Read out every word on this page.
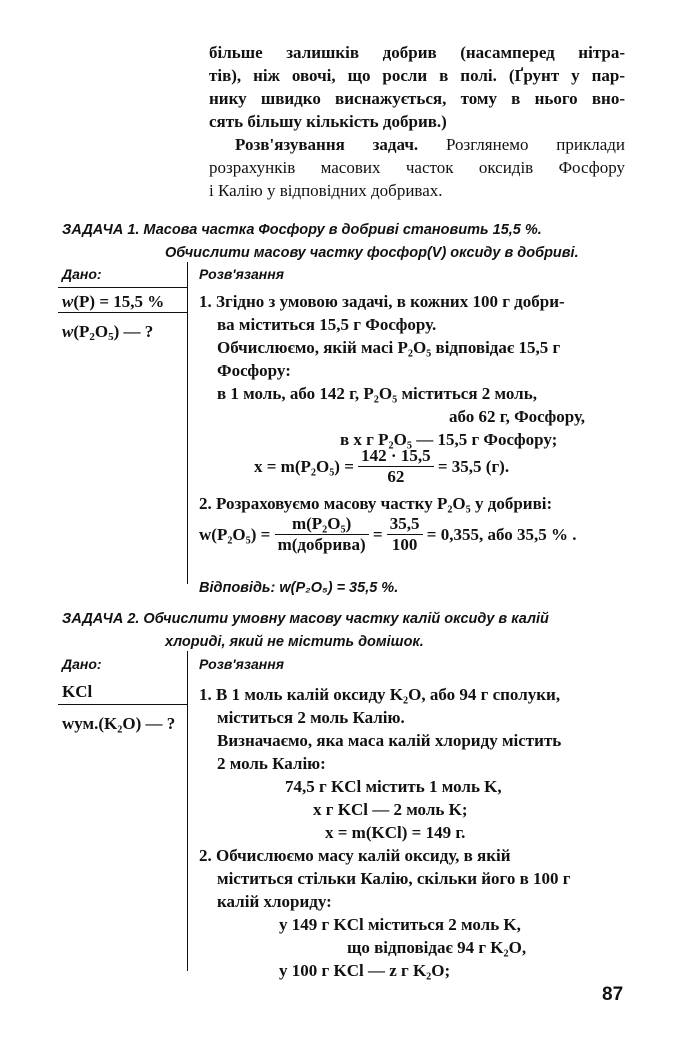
більше залишків добрив (насамперед нітра-
тів), ніж овочі, що росли в полі. (Ґрунт у пар-
нику швидко виснажується, тому в нього вно-
сять більшу кількість добрив.)
Розв'язування задач. Розглянемо приклади
розрахунків масових часток оксидів Фосфору
і Калію у відповідних добривах.
ЗАДАЧА 1. Масова частка Фосфору в добриві становить 15,5 %.
Обчислити масову частку фосфор(V) оксиду в добриві.
Дано:	Розв'язання
w(P) = 15,5 %
$w(P_2O_5)$ — ?
1. Згідно з умовою задачі, в кожних 100 г добри-
ва міститься 15,5 г Фосфору.
Обчислюємо, якій масі P₂O₅ відповідає 15,5 г
Фосфору:
в 1 моль, або 142 г, P₂O₅ міститься 2 моль,
або 62 г, Фосфору,
в x г P₂O₅ — 15,5 г Фосфору;
$x = m(P_2O_5) = \frac{142 \cdot 15,5}{62} = 35,5$ (г).
2. Розраховуємо масову частку P₂O₅ у добриві:
$w(P_2O_5) = \frac{\text{m(P₂O₅)}}{\text{m(добрива)}} = \frac{35,5}{100} = 0,355$, або 35,5 % .
Відповідь: w(P₂O₅) = 35,5 %.
ЗАДАЧА 2. Обчислити умовну масову частку калій оксиду в калій
хлориді, який не містить домішок.
Дано:	Розв'язання
KCl
wум.(K₂O) — ?
1. В 1 моль калій оксиду K₂O, або 94 г сполуки,
міститься 2 моль Калію.
Визначаємо, яка маса калій хлориду містить
2 моль Калію:
74,5 г KCl містить 1 моль K,
x г KCl — 2 моль K;
x = m(KCl) = 149 г.
2. Обчислюємо масу калій оксиду, в якій
міститься стільки Калію, скільки його в 100 г
калій хлориду:
у 149 г KCl міститься 2 моль K,
що відповідає 94 г K₂O,
у 100 г KCl — z г K₂O;
87
